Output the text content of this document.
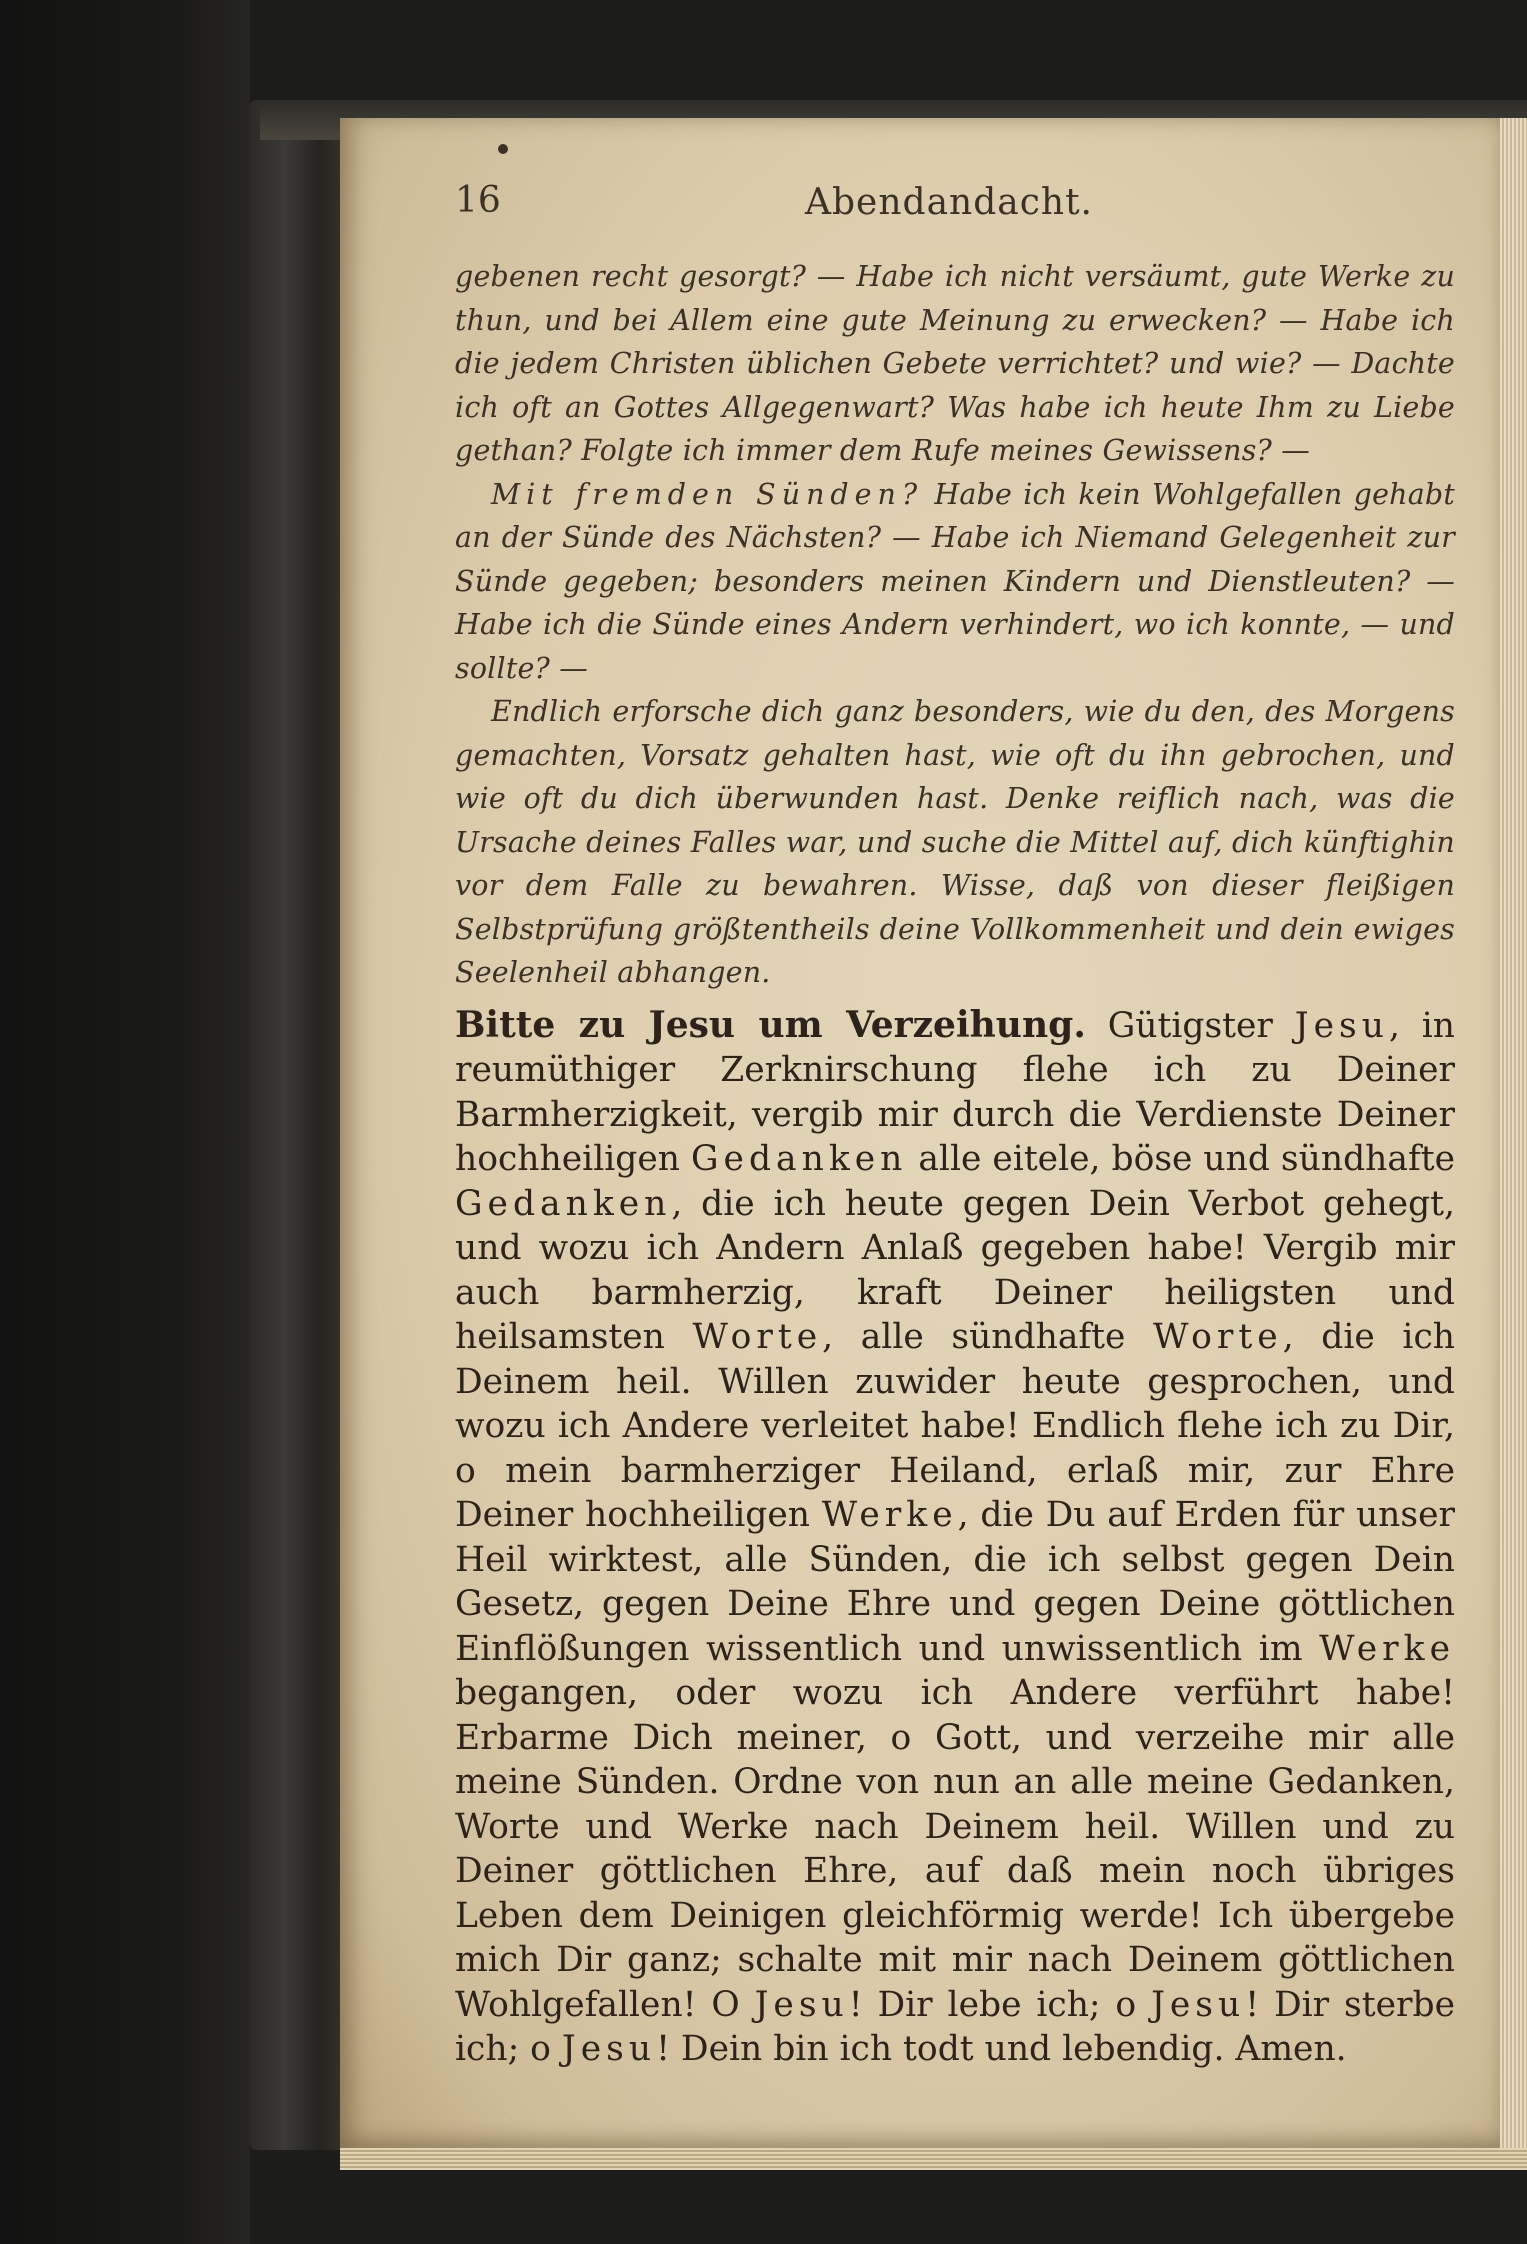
16	Abendandacht.

gebenen recht gesorgt? — Habe ich nicht versäumt, gute Werke zu thun, und bei Allem eine gute Meinung zu erwecken? — Habe ich die jedem Christen üblichen Gebete verrichtet? und wie? — Dachte ich oft an Gottes Allgegenwart? Was habe ich heute Ihm zu Liebe gethan? Folgte ich immer dem Rufe meines Gewissens? —

Mit fremden Sünden? Habe ich kein Wohlgefallen gehabt an der Sünde des Nächsten? — Habe ich Niemand Gelegenheit zur Sünde gegeben; besonders meinen Kindern und Dienstleuten? — Habe ich die Sünde eines Andern verhindert, wo ich konnte, — und sollte? —

Endlich erforsche dich ganz besonders, wie du den, des Morgens gemachten, Vorsatz gehalten hast, wie oft du ihn gebrochen, und wie oft du dich überwunden hast. Denke reiflich nach, was die Ursache deines Falles war, und suche die Mittel auf, dich künftighin vor dem Falle zu bewahren. Wisse, daß von dieser fleißigen Selbstprüfung größtentheils deine Vollkommenheit und dein ewiges Seelenheil abhangen.

Bitte zu Jesu um Verzeihung. Gütigster Jesu, in reumüthiger Zerknirschung flehe ich zu Deiner Barmherzigkeit, vergib mir durch die Verdienste Deiner hochheiligen Gedanken alle eitele, böse und sündhafte Gedanken, die ich heute gegen Dein Verbot gehegt, und wozu ich Andern Anlaß gegeben habe! Vergib mir auch barmherzig, kraft Deiner heiligsten und heilsamsten Worte, alle sündhafte Worte, die ich Deinem heil. Willen zuwider heute gesprochen, und wozu ich Andere verleitet habe! Endlich flehe ich zu Dir, o mein barmherziger Heiland, erlaß mir, zur Ehre Deiner hochheiligen Werke, die Du auf Erden für unser Heil wirktest, alle Sünden, die ich selbst gegen Dein Gesetz, gegen Deine Ehre und gegen Deine göttlichen Einflößungen wissentlich und unwissentlich im Werke begangen, oder wozu ich Andere verführt habe! Erbarme Dich meiner, o Gott, und verzeihe mir alle meine Sünden. Ordne von nun an alle meine Gedanken, Worte und Werke nach Deinem heil. Willen und zu Deiner göttlichen Ehre, auf daß mein noch übriges Leben dem Deinigen gleichförmig werde! Ich übergebe mich Dir ganz; schalte mit mir nach Deinem göttlichen Wohlgefallen! O Jesu! Dir lebe ich; o Jesu! Dir sterbe ich; o Jesu! Dein bin ich todt und lebendig. Amen.
